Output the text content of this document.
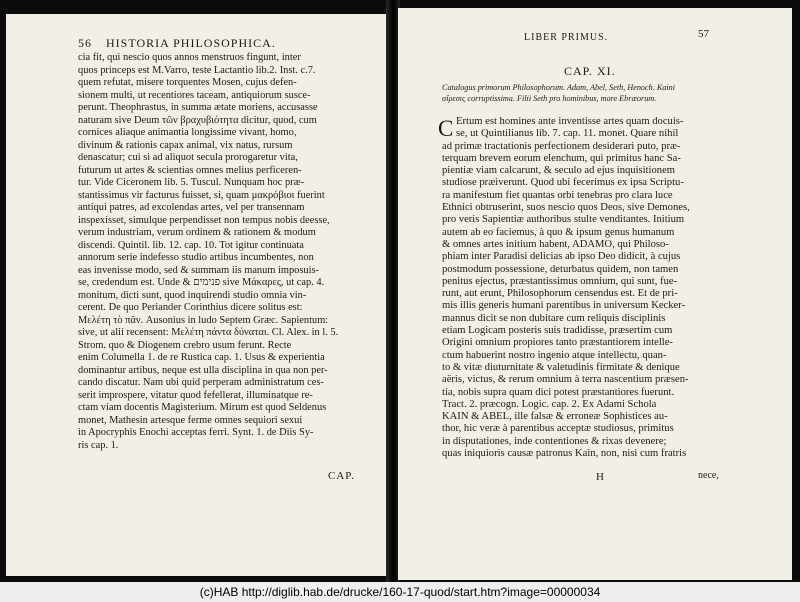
56 HISTORIA PHILOSOPHICA.
cia fit, qui nescio quos annos menstruos fingunt, inter
quos princeps est M.Varro, teste Lactantio lib.2. Inst. c.7.
quem refutat, misere torquentes Mosen, cujus defen-
sionem multi, ut recentiores taceam, antiquiorum susce-
perunt. Theophrastus, in summa ætate moriens, accusasse
naturam sive Deum τῶν βραχυβιότητα dicitur, quod, cum
cornices aliaque animantia longissime vivant, homo,
divinum & rationis capax animal, vix natus, rursum
denascatur; cui si ad aliquot secula prorogaretur vita,
futurum ut artes & scientias omnes melius perficeren-
tur. Vide Ciceronem lib. 5. Tuscul. Nunquam hoc præ-
stantissimus vir facturus fuisset, si, quam μακρόβιοι fuerint
antiqui patres, ad excolendas artes, vel per transennam
inspexisset, simulque perpendisset non tempus nobis deesse,
verum industriam, verum ordinem & rationem & modum
discendi. Quintil. lib. 12. cap. 10. Tot igitur continuata
annorum serie indefesso studio artibus incumbentes, non
eas invenisse modo, sed & summam iis manum imposuis-
se, credendum est. Unde & פנימים sive Μάκαρες, ut cap. 4.
monitum, dicti sunt, quod inquirendi studio omnia vin-
cerent. De quo Periander Corinthius dicere solitus est:
Μελέτη τὸ πᾶν. Ausonius in ludo Septem Græc. Sapientum:
sive, ut alii recensent: Μελέτη πάντα δύναται. Cl. Alex. in l. 5.
Strom. quo & Diogenem crebro usum ferunt. Recte
enim Columella 1. de re Rustica cap. 1. Usus & experientia
dominantur artibus, neque est ulla disciplina in qua non per-
cando discatur. Nam ubi quid perperam administratum ces-
serit improspere, vitatur quod fefellerat, illuminatque re-
ctam viam docentis Magisterium. Mirum est quod Seldenus
monet, Mathesin artesque ferme omnes sequiori sexui
in Apocryphis Enochi acceptas ferri. Synt. 1. de Diis Sy-
ris cap. 1.
CAP.
LIBER PRIMUS.	57
CAP. XI.
Catalogus primorum Philosophorum. Adam, Abel, Seth, Henoch. Kaini
αἵρεσις corruptissima. Filii Seth pro hominibus, more Ebræorum.
C Ertum est homines ante inventisse artes quam docuis-
se, ut Quintilianus lib. 7. cap. 11. monet. Quare nihil
ad primæ tractationis perfectionem desiderari puto, præ-
terquam brevem eorum elenchum, qui primitus hanc Sa-
pientiæ viam calcarunt, & seculo ad ejus inquisitionem
studiose præiverunt. Quod ubi fecerimus ex ipsa Scriptu-
ra manifestum fiet quantas orbi tenebras pro clara luce
Ethnici obtruserint, suos nescio quos Deos, sive Demones,
pro veris Sapientiæ authoribus stulte venditantes. Initium
autem ab eo faciemus, à quo & ipsum genus humanum
& omnes artes initium habent, ADAMO, qui Philoso-
phiam inter Paradisi delicias ab ipso Deo didicit, à cujus
postmodum possessione, deturbatus quidem, non tamen
penitus ejectus, præstantissimus omnium, qui sunt, fue-
runt, aut erunt, Philosophorum censendus est. Et de pri-
mis illis generis humani parentibus in universum Kecker-
mannus dicit se non dubitare cum reliquis disciplinis
etiam Logicam posteris suis tradidisse, præsertim cum
Origini omnium propiores tanto præstantiorem intelle-
ctum habuerint nostro ingenio atque intellectu, quan-
to & vitæ diuturnitate & valetudinis firmitate & denique
aëris, victus, & rerum omnium à terra nascentium præsen-
tia, nobis supra quam dici potest præstantiores fuerunt.
Tract. 2. præcogn. Logic. cap. 2. Ex Adami Schola
KAIN & ABEL, ille falsæ & erroneæ Sophistices au-
thor, hic veræ à parentibus acceptæ studiosus, primitus
in disputationes, inde contentiones & rixas devenere;
quas iniquioris causæ patronus Kain, non, nisi cum fratris
H	nece,
(c)HAB http://diglib.hab.de/drucke/160-17-quod/start.htm?image=00000034
